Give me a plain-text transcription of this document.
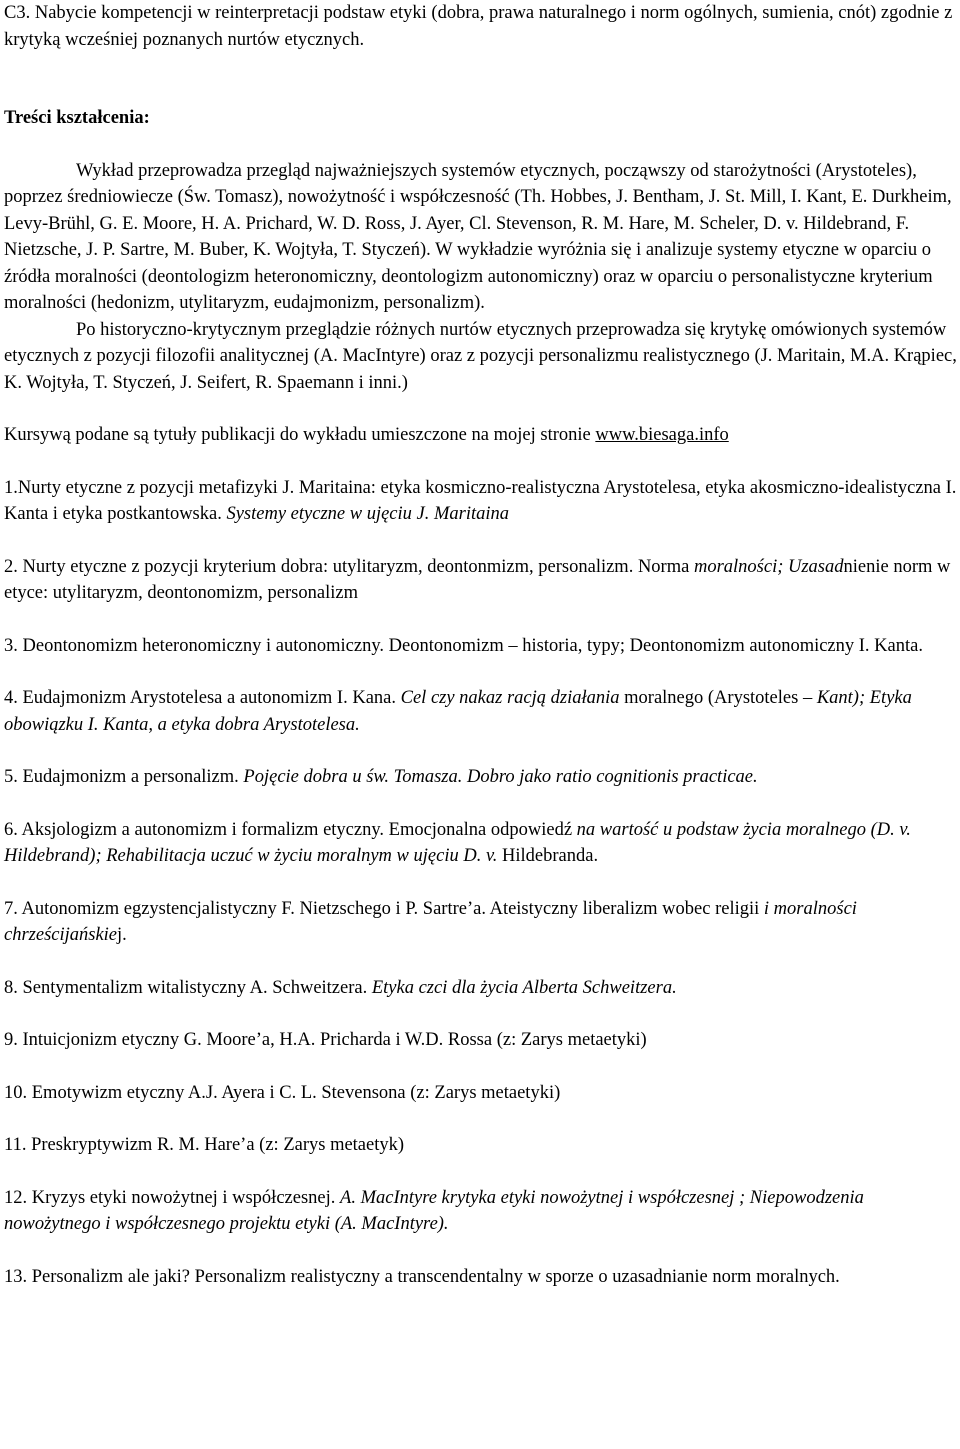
C3. Nabycie kompetencji w reinterpretacji podstaw etyki (dobra, prawa naturalnego i norm ogólnych, sumienia, cnót) zgodnie z krytyką wcześniej poznanych nurtów etycznych.

Treści kształcenia:

Wykład przeprowadza przegląd najważniejszych systemów etycznych, począwszy od starożytności (Arystoteles), poprzez średniowiecze (Św. Tomasz), nowożytność i współczesność (Th. Hobbes, J. Bentham, J. St. Mill, I. Kant, E. Durkheim, Levy-Brühl, G. E. Moore, H. A. Prichard, W. D. Ross, J. Ayer, Cl. Stevenson, R. M. Hare, M. Scheler, D. v. Hildebrand, F. Nietzsche, J. P. Sartre, M. Buber, K. Wojtyła, T. Styczeń). W wykładzie wyróżnia się i analizuje systemy etyczne w oparciu o źródła moralności (deontologizm heteronomiczny, deontologizm autonomiczny) oraz w oparciu o personalistyczne kryterium moralności (hedonizm, utylitaryzm, eudajmonizm, personalizm).

Po historyczno-krytycznym przeglądzie różnych nurtów etycznych przeprowadza się krytykę omówionych systemów etycznych z pozycji filozofii analitycznej (A. MacIntyre) oraz z pozycji personalizmu realistycznego (J. Maritain, M.A. Krąpiec, K. Wojtyła, T. Styczeń, J. Seifert, R. Spaemann i inni.)

Kursywą podane są tytuły publikacji do wykładu umieszczone na mojej stronie www.biesaga.info

1.Nurty etyczne z pozycji metafizyki J. Maritaina: etyka kosmiczno-realistyczna Arystotelesa, etyka akosmiczno-idealistyczna I. Kanta i etyka postkantowska. Systemy etyczne w ujęciu J. Maritaina

2. Nurty etyczne z pozycji kryterium dobra: utylitaryzm, deontonmizm, personalizm. Norma moralności; Uzasadnienie norm w etyce: utylitaryzm, deontonomizm, personalizm

3. Deontonomizm heteronomiczny i autonomiczny. Deontonomizm – historia, typy; Deontonomizm autonomiczny I. Kanta.

4. Eudajmonizm Arystotelesa a autonomizm I. Kana. Cel czy nakaz racją działania moralnego (Arystoteles – Kant); Etyka obowiązku I. Kanta, a etyka dobra Arystotelesa.

5. Eudajmonizm a personalizm. Pojęcie dobra u św. Tomasza. Dobro jako ratio cognitionis practicae.

6. Aksjologizm a autonomizm i formalizm etyczny. Emocjonalna odpowiedź na wartość u podstaw życia moralnego (D. v. Hildebrand); Rehabilitacja uczuć w życiu moralnym w ujęciu D. v. Hildebranda.

7. Autonomizm egzystencjalistyczny F. Nietzschego i P. Sartre’a. Ateistyczny liberalizm wobec religii i moralności chrześcijańskiej.

8. Sentymentalizm witalistyczny A. Schweitzera. Etyka czci dla życia Alberta Schweitzera.

9. Intuicjonizm etyczny G. Moore’a, H.A. Pricharda i W.D. Rossa (z: Zarys metaetyki)

10. Emotywizm etyczny A.J. Ayera i C. L. Stevensona (z: Zarys metaetyki)

11. Preskryptywizm R. M. Hare’a (z: Zarys metaetyk)

12. Kryzys etyki nowożytnej i współczesnej. A. MacIntyre krytyka etyki nowożytnej i współczesnej ; Niepowodzenia nowożytnego i współczesnego projektu etyki (A. MacIntyre).

13. Personalizm ale jaki? Personalizm realistyczny a transcendentalny w sporze o uzasadnianie norm moralnych.
